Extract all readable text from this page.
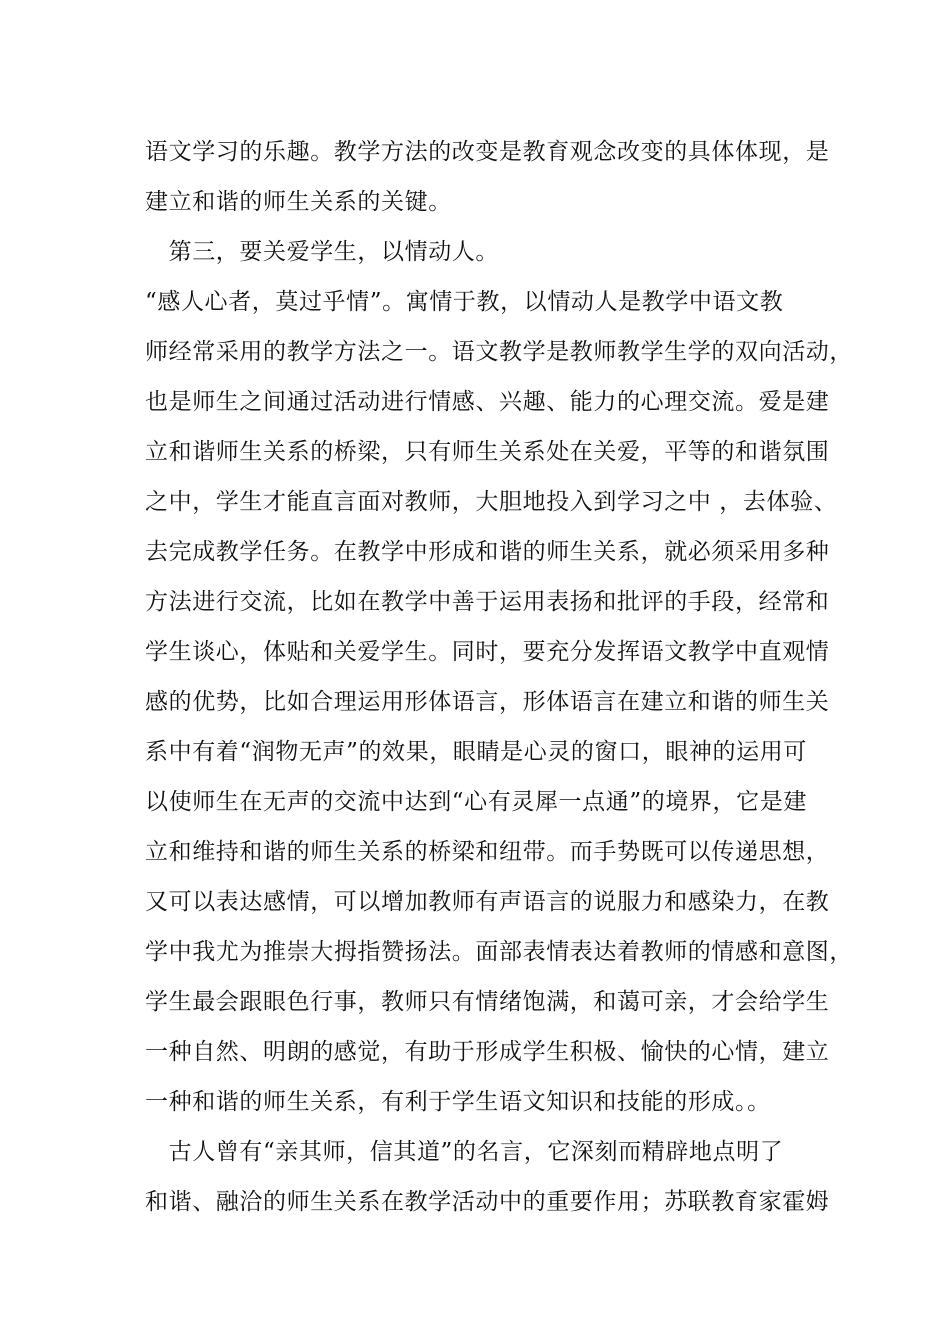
语文学习的乐趣。教学方法的改变是教育观念改变的具体体现，是
建立和谐的师生关系的关键。
　第三，要关爱学生，以情动人。
“感人心者，莫过乎情”。寓情于教，以情动人是教学中语文教
师经常采用的教学方法之一。语文教学是教师教学生学的双向活动，
也是师生之间通过活动进行情感、兴趣、能力的心理交流。爱是建
立和谐师生关系的桥梁，只有师生关系处在关爱，平等的和谐氛围
之中，学生才能直言面对教师，大胆地投入到学习之中 ，去体验、
去完成教学任务。在教学中形成和谐的师生关系，就必须采用多种
方法进行交流，比如在教学中善于运用表扬和批评的手段，经常和
学生谈心，体贴和关爱学生。同时，要充分发挥语文教学中直观情
感的优势，比如合理运用形体语言，形体语言在建立和谐的师生关
系中有着“润物无声”的效果，眼睛是心灵的窗口，眼神的运用可
以使师生在无声的交流中达到“心有灵犀一点通”的境界，它是建
立和维持和谐的师生关系的桥梁和纽带。而手势既可以传递思想，
又可以表达感情，可以增加教师有声语言的说服力和感染力，在教
学中我尤为推崇大拇指赞扬法。面部表情表达着教师的情感和意图，
学生最会跟眼色行事，教师只有情绪饱满，和蔼可亲，才会给学生
一种自然、明朗的感觉，有助于形成学生积极、愉快的心情，建立
一种和谐的师生关系，有利于学生语文知识和技能的形成。。
　古人曾有“亲其师，信其道”的名言，它深刻而精辟地点明了
和谐、融洽的师生关系在教学活动中的重要作用；苏联教育家霍姆
